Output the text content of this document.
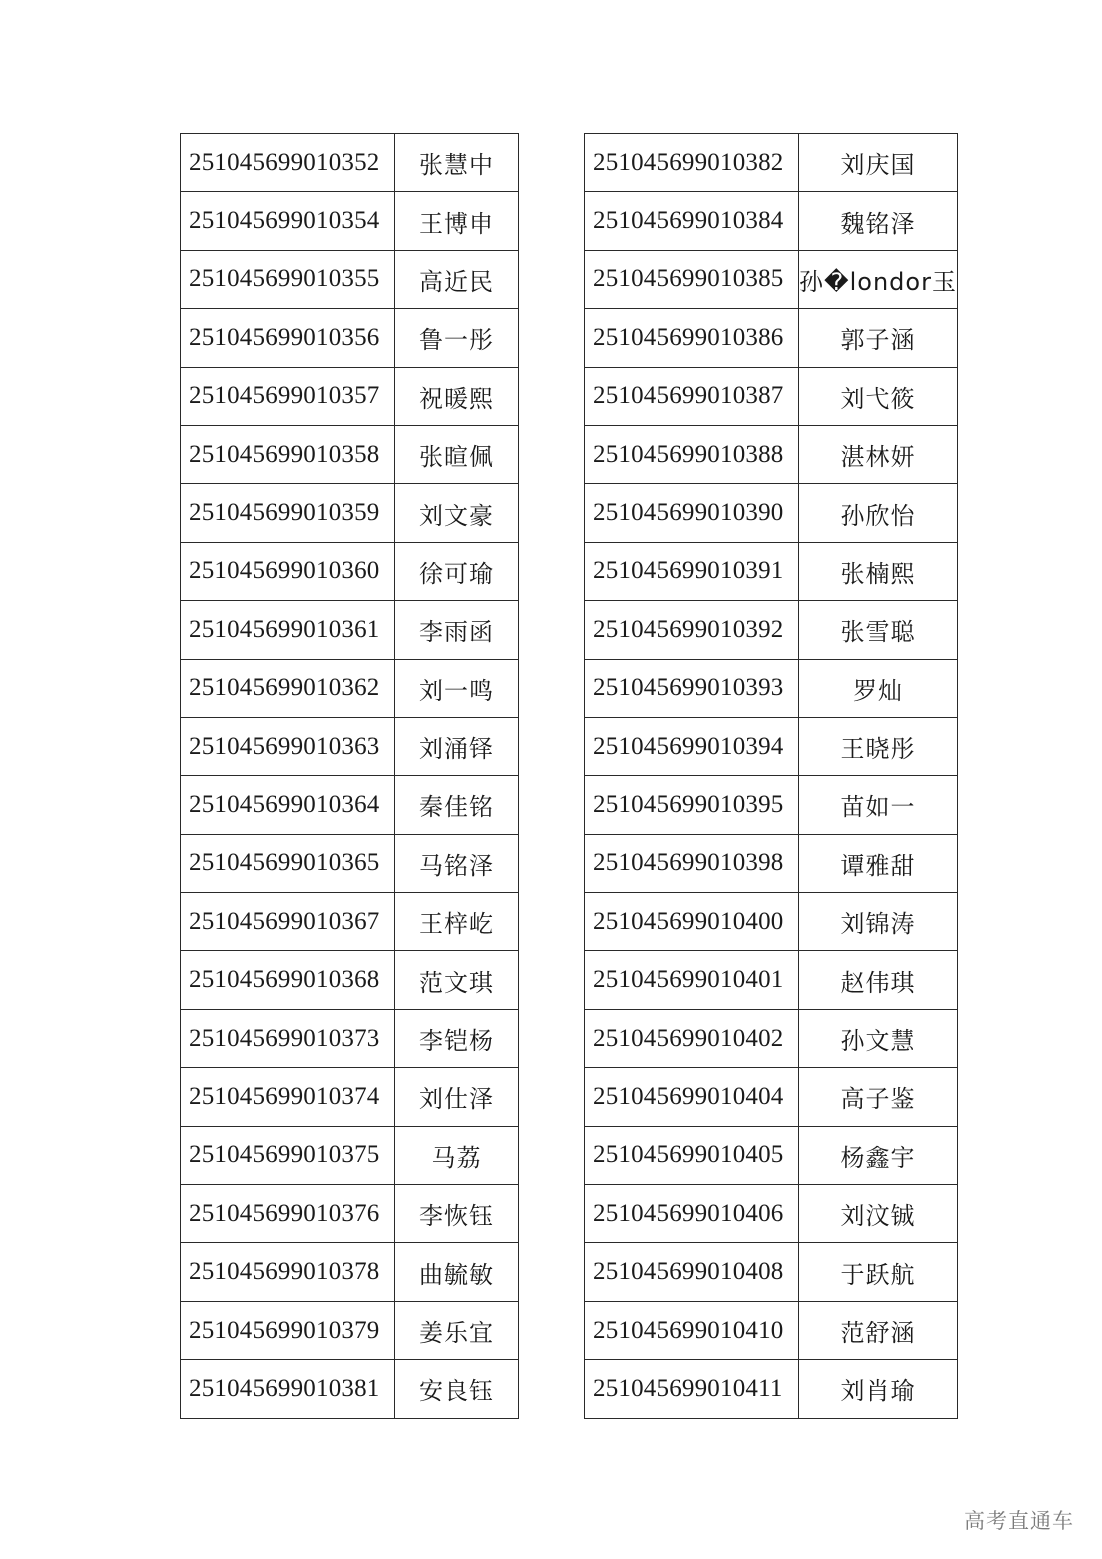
251045699010352	张慧中
251045699010354	王博申
251045699010355	高近民
251045699010356	鲁一彤
251045699010357	祝暖熙
251045699010358	张暄佩
251045699010359	刘文豪
251045699010360	徐可瑜
251045699010361	李雨函
251045699010362	刘一鸣
251045699010363	刘涌铎
251045699010364	秦佳铭
251045699010365	马铭泽
251045699010367	王梓屹
251045699010368	范文琪
251045699010373	李铠杨
251045699010374	刘仕泽
251045699010375	马荔
251045699010376	李恢钰
251045699010378	曲毓敏
251045699010379	姜乐宜
251045699010381	安良钰
251045699010382	刘庆国
251045699010384	魏铭泽
251045699010385	孙�londor玉
251045699010386	郭子涵
251045699010387	刘弋筱
251045699010388	湛林妍
251045699010390	孙欣怡
251045699010391	张楠熙
251045699010392	张雪聪
251045699010393	罗灿
251045699010394	王晓彤
251045699010395	苗如一
251045699010398	谭雅甜
251045699010400	刘锦涛
251045699010401	赵伟琪
251045699010402	孙文慧
251045699010404	高子鉴
251045699010405	杨鑫宇
251045699010406	刘汶铖
251045699010408	于跃航
251045699010410	范舒涵
251045699010411	刘肖瑜
高考直通车
